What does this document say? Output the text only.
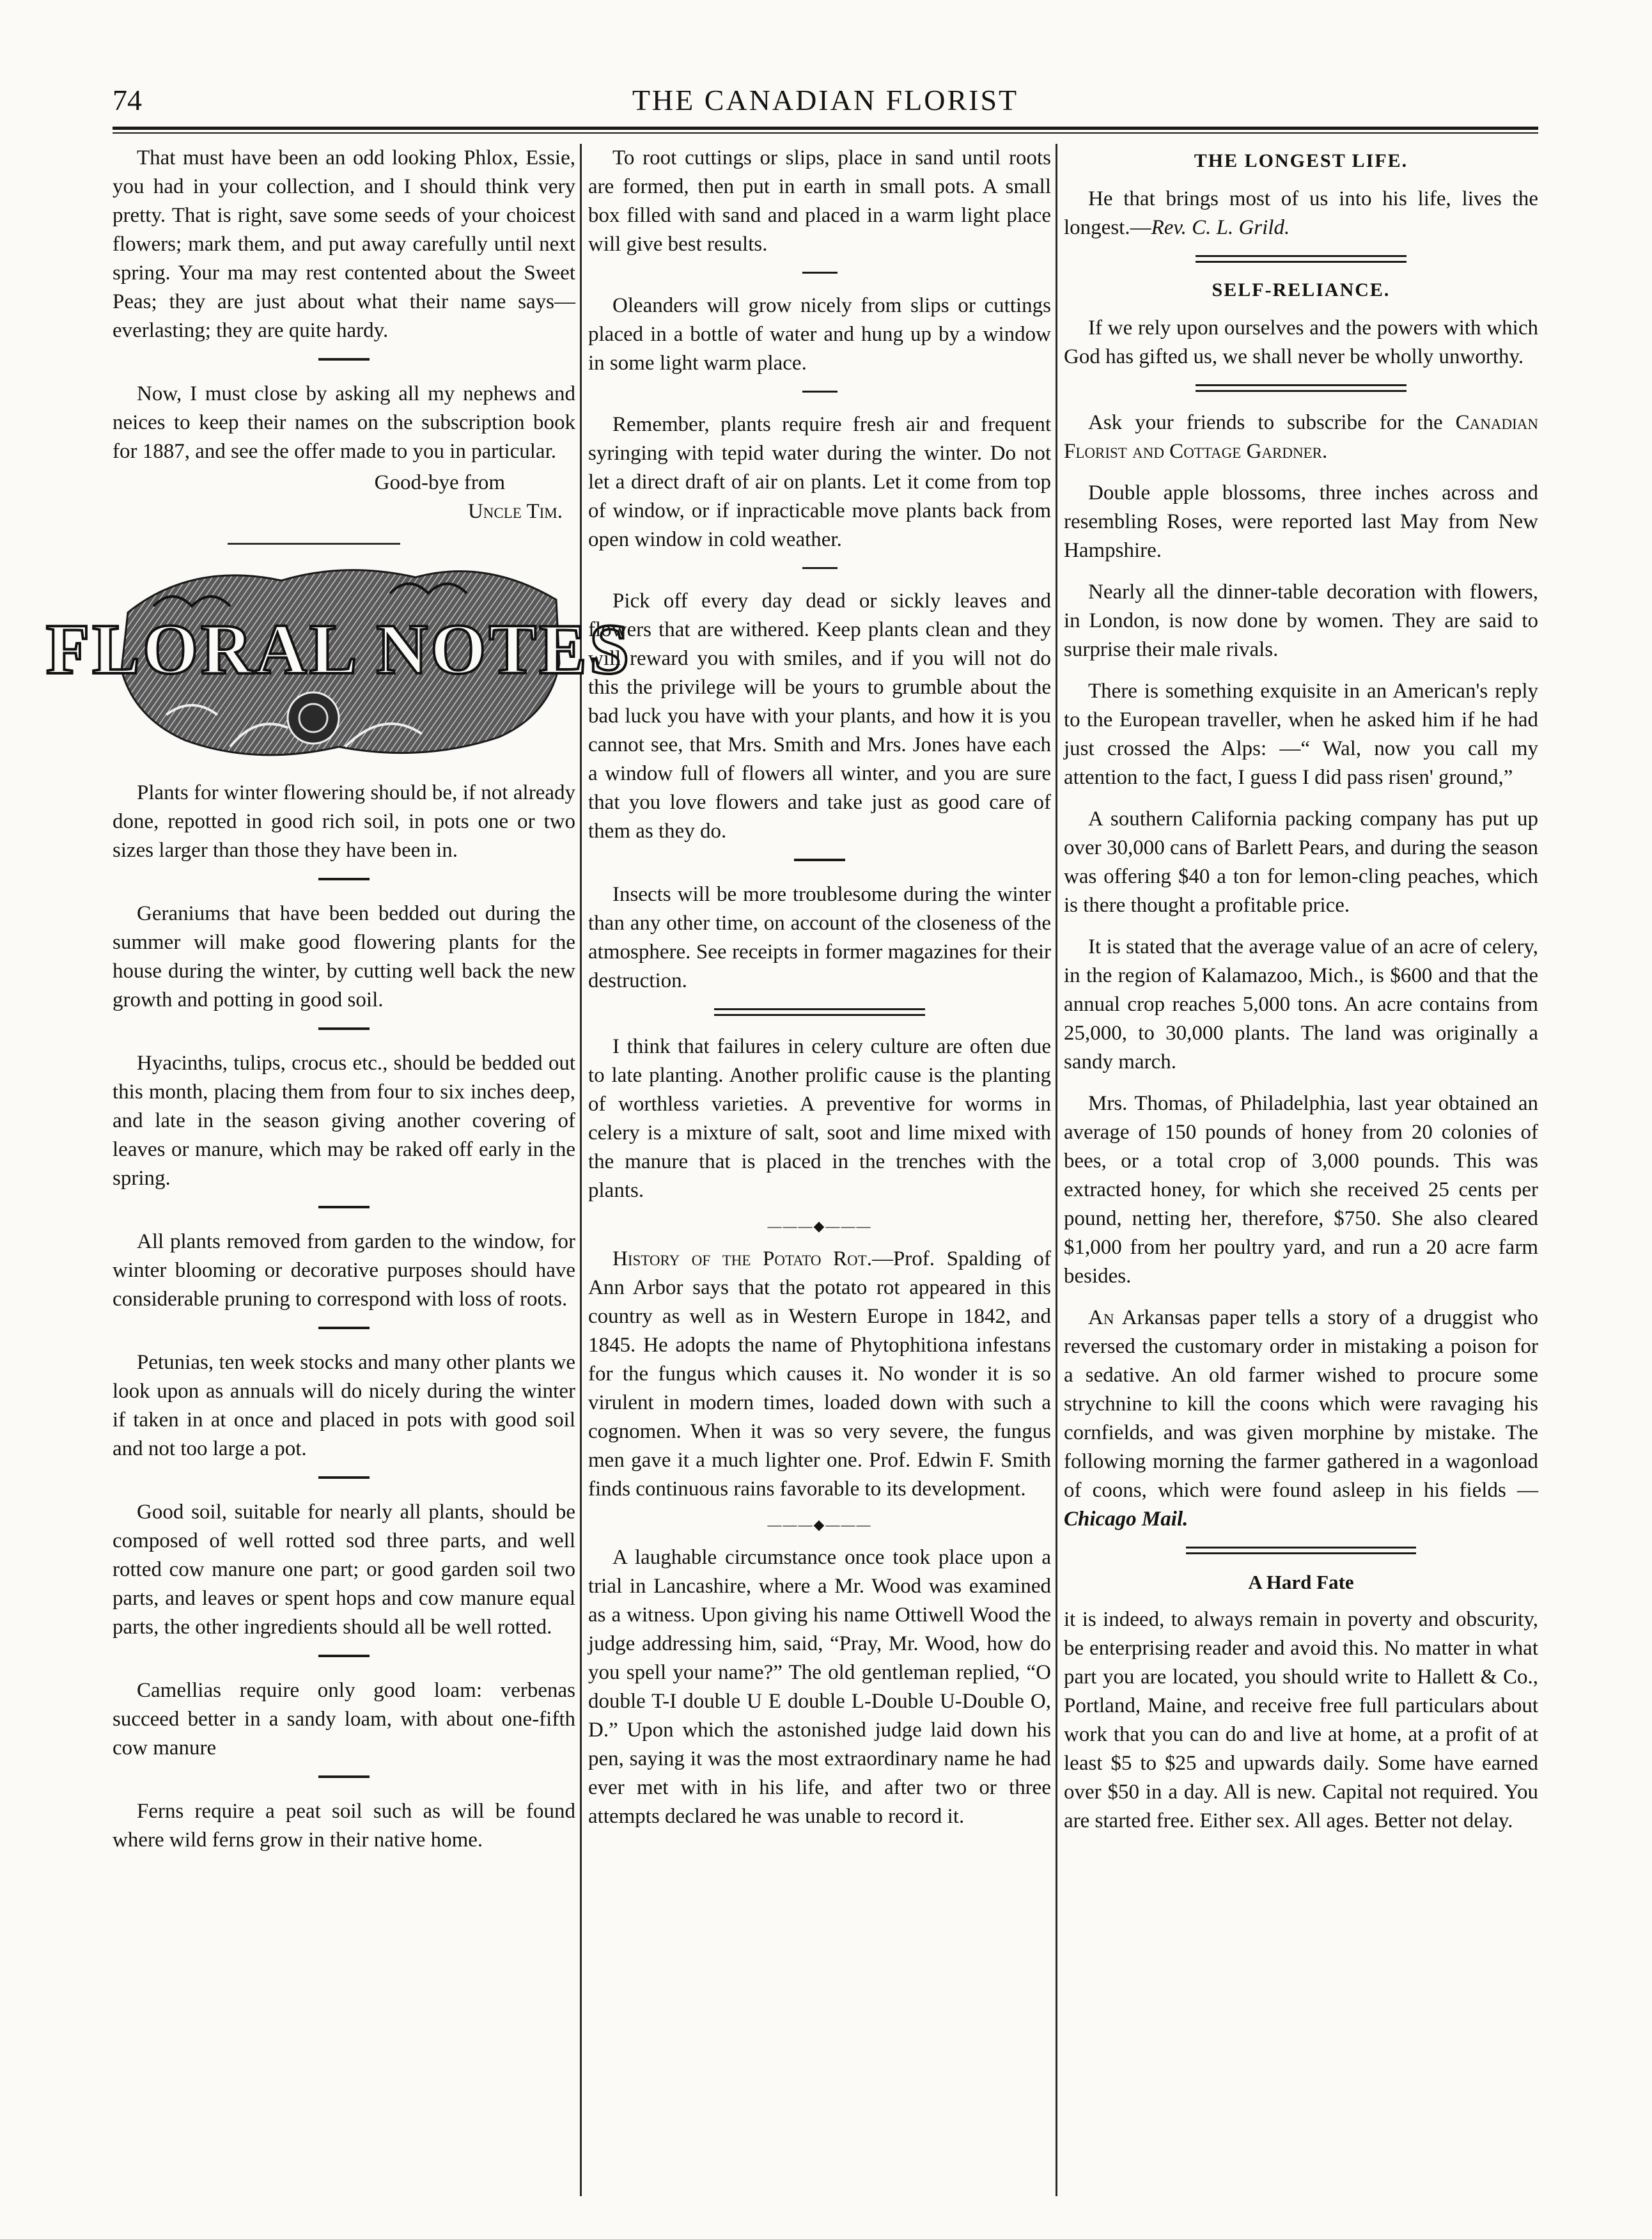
74	THE CANADIAN FLORIST

That must have been an odd looking Phlox, Essie, you had in your collection, and I should think very pretty. That is right, save some seeds of your choicest flowers; mark them, and put away carefully until next spring. Your ma may rest contented about the Sweet Peas; they are just about what their name says—everlasting; they are quite hardy.

Now, I must close by asking all my nephews and neices to keep their names on the subscription book for 1887, and see the offer made to you in particular.

Good-bye from

Uncle Tim.

FLORAL NOTES

Plants for winter flowering should be, if not already done, repotted in good rich soil, in pots one or two sizes larger than those they have been in.

Geraniums that have been bedded out during the summer will make good flowering plants for the house during the winter, by cutting well back the new growth and potting in good soil.

Hyacinths, tulips, crocus etc., should be bedded out this month, placing them from four to six inches deep, and late in the season giving another covering of leaves or manure, which may be raked off early in the spring.

All plants removed from garden to the window, for winter blooming or decorative purposes should have considerable pruning to correspond with loss of roots.

Petunias, ten week stocks and many other plants we look upon as annuals will do nicely during the winter if taken in at once and placed in pots with good soil and not too large a pot.

Good soil, suitable for nearly all plants, should be composed of well rotted sod three parts, and well rotted cow manure one part; or good garden soil two parts, and leaves or spent hops and cow manure equal parts, the other ingredients should all be well rotted.

Camellias require only good loam: verbenas succeed better in a sandy loam, with about one-fifth cow manure

Ferns require a peat soil such as will be found where wild ferns grow in their native home.

To root cuttings or slips, place in sand until roots are formed, then put in earth in small pots. A small box filled with sand and placed in a warm light place will give best results.

Oleanders will grow nicely from slips or cuttings placed in a bottle of water and hung up by a window in some light warm place.

Remember, plants require fresh air and frequent syringing with tepid water during the winter. Do not let a direct draft of air on plants. Let it come from top of window, or if inpracticable move plants back from open window in cold weather.

Pick off every day dead or sickly leaves and flowers that are withered. Keep plants clean and they will reward you with smiles, and if you will not do this the privilege will be yours to grumble about the bad luck you have with your plants, and how it is you cannot see, that Mrs. Smith and Mrs. Jones have each a window full of flowers all winter, and you are sure that you love flowers and take just as good care of them as they do.

Insects will be more troublesome during the winter than any other time, on account of the closeness of the atmosphere. See receipts in former magazines for their destruction.

I think that failures in celery culture are often due to late planting. Another prolific cause is the planting of worthless varieties. A preventive for worms in celery is a mixture of salt, soot and lime mixed with the manure that is placed in the trenches with the plants.

———◆———

History of the Potato Rot.—Prof. Spalding of Ann Arbor says that the potato rot appeared in this country as well as in Western Europe in 1842, and 1845. He adopts the name of Phytophitiona infestans for the fungus which causes it. No wonder it is so virulent in modern times, loaded down with such a cognomen. When it was so very severe, the fungus men gave it a much lighter one. Prof. Edwin F. Smith finds continuous rains favorable to its development.

———◆———

A laughable circumstance once took place upon a trial in Lancashire, where a Mr. Wood was examined as a witness. Upon giving his name Ottiwell Wood the judge addressing him, said, “Pray, Mr. Wood, how do you spell your name?” The old gentleman replied, “O double T-I double U E double L-Double U-Double O, D.” Upon which the astonished judge laid down his pen, saying it was the most extraordinary name he had ever met with in his life, and after two or three attempts declared he was unable to record it.

THE LONGEST LIFE.

He that brings most of us into his life, lives the longest.—Rev. C. L. Grild.

SELF-RELIANCE.

If we rely upon ourselves and the powers with which God has gifted us, we shall never be wholly unworthy.

Ask your friends to subscribe for the Canadian Florist and Cottage Gardner.

Double apple blossoms, three inches across and resembling Roses, were reported last May from New Hampshire.

Nearly all the dinner-table decoration with flowers, in London, is now done by women. They are said to surprise their male rivals.

There is something exquisite in an American's reply to the European traveller, when he asked him if he had just crossed the Alps: —“ Wal, now you call my attention to the fact, I guess I did pass risen' ground,”

A southern California packing company has put up over 30,000 cans of Barlett Pears, and during the season was offering $40 a ton for lemon-cling peaches, which is there thought a profitable price.

It is stated that the average value of an acre of celery, in the region of Kalamazoo, Mich., is $600 and that the annual crop reaches 5,000 tons. An acre contains from 25,000, to 30,000 plants. The land was originally a sandy march.

Mrs. Thomas, of Philadelphia, last year obtained an average of 150 pounds of honey from 20 colonies of bees, or a total crop of 3,000 pounds. This was extracted honey, for which she received 25 cents per pound, netting her, therefore, $750. She also cleared $1,000 from her poultry yard, and run a 20 acre farm besides.

An Arkansas paper tells a story of a druggist who reversed the customary order in mistaking a poison for a sedative. An old farmer wished to procure some strychnine to kill the coons which were ravaging his cornfields, and was given morphine by mistake. The following morning the farmer gathered in a wagonload of coons, which were found asleep in his fields —Chicago Mail.

A Hard Fate

it is indeed, to always remain in poverty and obscurity, be enterprising reader and avoid this. No matter in what part you are located, you should write to Hallett & Co., Portland, Maine, and receive free full particulars about work that you can do and live at home, at a profit of at least $5 to $25 and upwards daily. Some have earned over $50 in a day. All is new. Capital not required. You are started free. Either sex. All ages. Better not delay.
